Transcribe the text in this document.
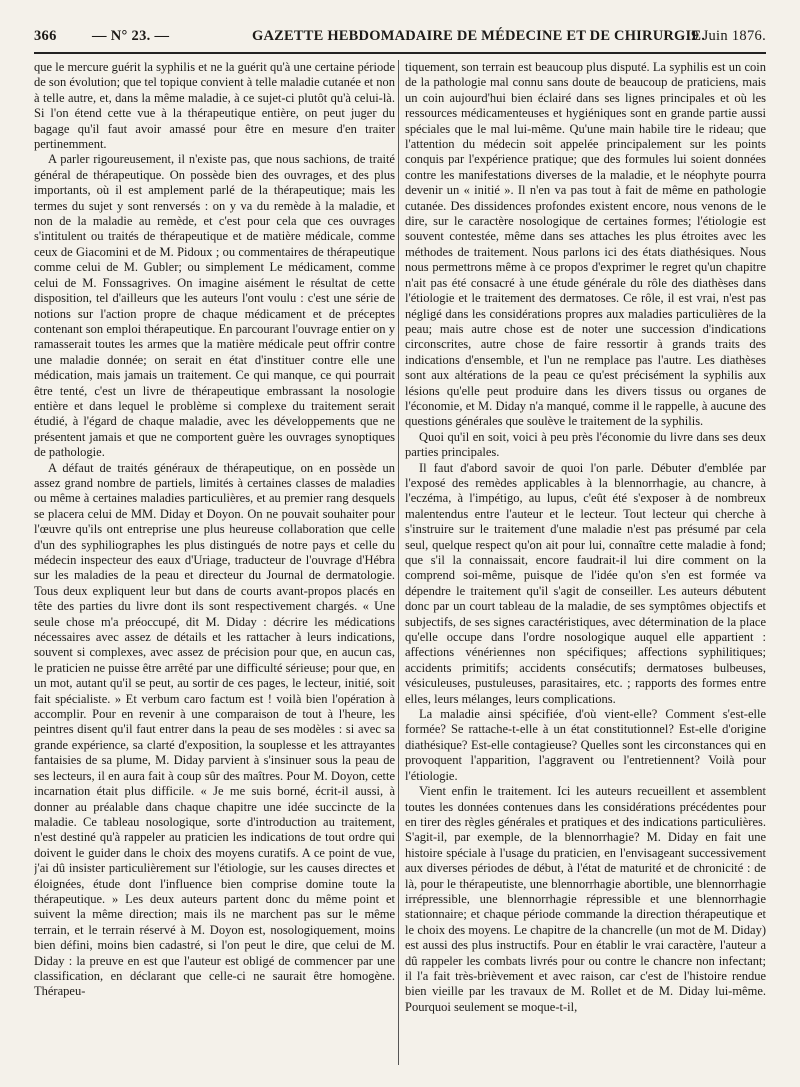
366 — N° 23. —	GAZETTE HEBDOMADAIRE DE MÉDECINE ET DE CHIRURGIE.
9 Juin 1876.

que le mercure guérit la syphilis et ne la guérit qu'à une certaine période de son évolution; que tel topique convient à telle maladie cutanée et non à telle autre, et, dans la même maladie, à ce sujet-ci plutôt qu'à celui-là. Si l'on étend cette vue à la thérapeutique entière, on peut juger du bagage qu'il faut avoir amassé pour être en mesure d'en traiter pertinemment.

A parler rigoureusement, il n'existe pas, que nous sachions, de traité général de thérapeutique. On possède bien des ouvrages, et des plus importants, où il est amplement parlé de la thérapeutique; mais les termes du sujet y sont renversés : on y va du remède à la maladie, et non de la maladie au remède, et c'est pour cela que ces ouvrages s'intitulent ou traités de thérapeutique et de matière médicale, comme ceux de Giacomini et de M. Pidoux ; ou commentaires de thérapeutique comme celui de M. Gubler; ou simplement Le médicament, comme celui de M. Fonssagrives. On imagine aisément le résultat de cette disposition, tel d'ailleurs que les auteurs l'ont voulu : c'est une série de notions sur l'action propre de chaque médicament et de préceptes contenant son emploi thérapeutique. En parcourant l'ouvrage entier on y ramasserait toutes les armes que la matière médicale peut offrir contre une maladie donnée; on serait en état d'instituer contre elle une médication, mais jamais un traitement. Ce qui manque, ce qui pourrait être tenté, c'est un livre de thérapeutique embrassant la nosologie entière et dans lequel le problème si complexe du traitement serait étudié, à l'égard de chaque maladie, avec les développements que ne présentent jamais et que ne comportent guère les ouvrages synoptiques de pathologie.

A défaut de traités généraux de thérapeutique, on en possède un assez grand nombre de partiels, limités à certaines classes de maladies ou même à certaines maladies particulières, et au premier rang desquels se placera celui de MM. Diday et Doyon. On ne pouvait souhaiter pour l'œuvre qu'ils ont entreprise une plus heureuse collaboration que celle d'un des syphiliographes les plus distingués de notre pays et celle du médecin inspecteur des eaux d'Uriage, traducteur de l'ouvrage d'Hébra sur les maladies de la peau et directeur du Journal de dermatologie. Tous deux expliquent leur but dans de courts avant-propos placés en tête des parties du livre dont ils sont respectivement chargés. « Une seule chose m'a préoccupé, dit M. Diday : décrire les médications nécessaires avec assez de détails et les rattacher à leurs indications, souvent si complexes, avec assez de précision pour que, en aucun cas, le praticien ne puisse être arrêté par une difficulté sérieuse; pour que, en un mot, autant qu'il se peut, au sortir de ces pages, le lecteur, initié, soit fait spécialiste. » Et verbum caro factum est ! voilà bien l'opération à accomplir. Pour en revenir à une comparaison de tout à l'heure, les peintres disent qu'il faut entrer dans la peau de ses modèles : si avec sa grande expérience, sa clarté d'exposition, la souplesse et les attrayantes fantaisies de sa plume, M. Diday parvient à s'insinuer sous la peau de ses lecteurs, il en aura fait à coup sûr des maîtres. Pour M. Doyon, cette incarnation était plus difficile. « Je me suis borné, écrit-il aussi, à donner au préalable dans chaque chapitre une idée succincte de la maladie. Ce tableau nosologique, sorte d'introduction au traitement, n'est destiné qu'à rappeler au praticien les indications de tout ordre qui doivent le guider dans le choix des moyens curatifs. A ce point de vue, j'ai dû insister particulièrement sur l'étiologie, sur les causes directes et éloignées, étude dont l'influence bien comprise domine toute la thérapeutique. » Les deux auteurs partent donc du même point et suivent la même direction; mais ils ne marchent pas sur le même terrain, et le terrain réservé à M. Doyon est, nosologiquement, moins bien défini, moins bien cadastré, si l'on peut le dire, que celui de M. Diday : la preuve en est que l'auteur est obligé de commencer par une classification, en déclarant que celle-ci ne saurait être homogène. Thérapeu-

tiquement, son terrain est beaucoup plus disputé. La syphilis est un coin de la pathologie mal connu sans doute de beaucoup de praticiens, mais un coin aujourd'hui bien éclairé dans ses lignes principales et où les ressources médicamenteuses et hygiéniques sont en grande partie aussi spéciales que le mal lui-même. Qu'une main habile tire le rideau; que l'attention du médecin soit appelée principalement sur les points conquis par l'expérience pratique; que des formules lui soient données contre les manifestations diverses de la maladie, et le néophyte pourra devenir un « initié ». Il n'en va pas tout à fait de même en pathologie cutanée. Des dissidences profondes existent encore, nous venons de le dire, sur le caractère nosologique de certaines formes; l'étiologie est souvent contestée, même dans ses attaches les plus étroites avec les méthodes de traitement. Nous parlons ici des états diathésiques. Nous nous permettrons même à ce propos d'exprimer le regret qu'un chapitre n'ait pas été consacré à une étude générale du rôle des diathèses dans l'étiologie et le traitement des dermatoses. Ce rôle, il est vrai, n'est pas négligé dans les considérations propres aux maladies particulières de la peau; mais autre chose est de noter une succession d'indications circonscrites, autre chose de faire ressortir à grands traits des indications d'ensemble, et l'un ne remplace pas l'autre. Les diathèses sont aux altérations de la peau ce qu'est précisément la syphilis aux lésions qu'elle peut produire dans les divers tissus ou organes de l'économie, et M. Diday n'a manqué, comme il le rappelle, à aucune des questions générales que soulève le traitement de la syphilis.

Quoi qu'il en soit, voici à peu près l'économie du livre dans ses deux parties principales.

Il faut d'abord savoir de quoi l'on parle. Débuter d'emblée par l'exposé des remèdes applicables à la blennorrhagie, au chancre, à l'eczéma, à l'impétigo, au lupus, c'eût été s'exposer à de nombreux malentendus entre l'auteur et le lecteur. Tout lecteur qui cherche à s'instruire sur le traitement d'une maladie n'est pas présumé par cela seul, quelque respect qu'on ait pour lui, connaître cette maladie à fond; que s'il la connaissait, encore faudrait-il lui dire comment on la comprend soi-même, puisque de l'idée qu'on s'en est formée va dépendre le traitement qu'il s'agit de conseiller. Les auteurs débutent donc par un court tableau de la maladie, de ses symptômes objectifs et subjectifs, de ses signes caractéristiques, avec détermination de la place qu'elle occupe dans l'ordre nosologique auquel elle appartient : affections vénériennes non spécifiques; affections syphilitiques; accidents primitifs; accidents consécutifs; dermatoses bulbeuses, vésiculeuses, pustuleuses, parasitaires, etc. ; rapports des formes entre elles, leurs mélanges, leurs complications.

La maladie ainsi spécifiée, d'où vient-elle? Comment s'est-elle formée? Se rattache-t-elle à un état constitutionnel? Est-elle d'origine diathésique? Est-elle contagieuse? Quelles sont les circonstances qui en provoquent l'apparition, l'aggravent ou l'entretiennent? Voilà pour l'étiologie.

Vient enfin le traitement. Ici les auteurs recueillent et assemblent toutes les données contenues dans les considérations précédentes pour en tirer des règles générales et pratiques et des indications particulières. S'agit-il, par exemple, de la blennorrhagie? M. Diday en fait une histoire spéciale à l'usage du praticien, en l'envisageant successivement aux diverses périodes de début, à l'état de maturité et de chronicité : de là, pour le thérapeutiste, une blennorrhagie abortible, une blennorrhagie irrépressible, une blennorrhagie répressible et une blennorrhagie stationnaire; et chaque période commande la direction thérapeutique et le choix des moyens. Le chapitre de la chancrelle (un mot de M. Diday) est aussi des plus instructifs. Pour en établir le vrai caractère, l'auteur a dû rappeler les combats livrés pour ou contre le chancre non infectant; il l'a fait très-brièvement et avec raison, car c'est de l'histoire rendue bien vieille par les travaux de M. Rollet et de M. Diday lui-même. Pourquoi seulement se moque-t-il,
